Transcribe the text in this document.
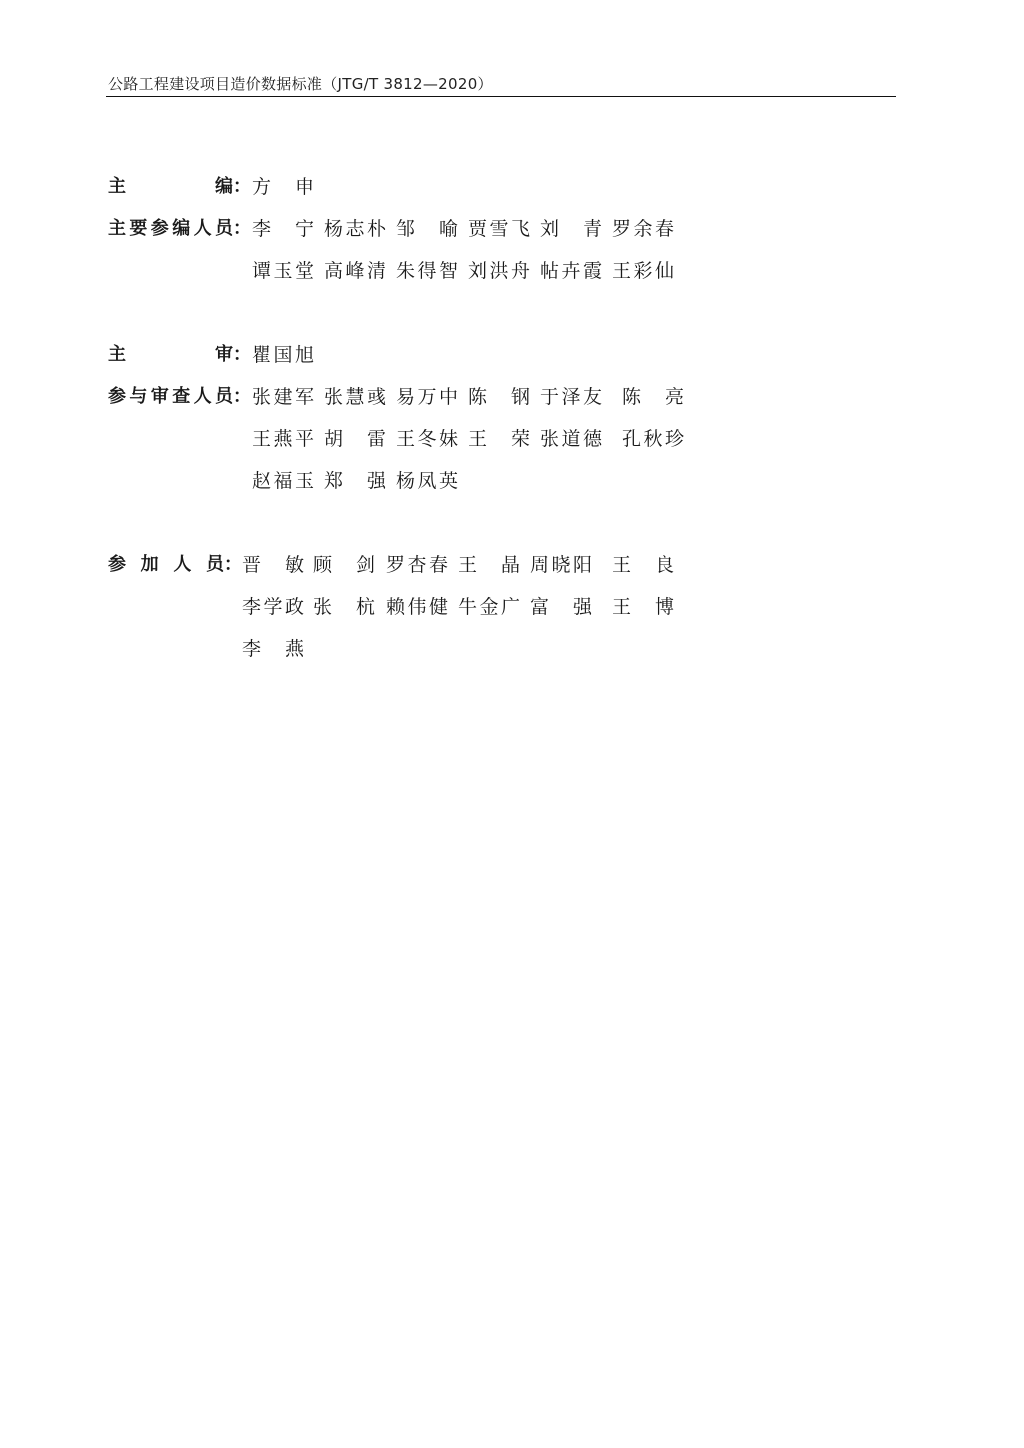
公路工程建设项目造价数据标准（JTG/T 3812—2020）
主　　　　编： 方　申
主要参编人员： 李　宁 杨志朴 邹　喻 贾雪飞 刘　青 罗余春
谭玉堂 高峰清 朱得智 刘洪舟 帖卉霞 王彩仙
主　　　　审： 瞿国旭
参与审查人员： 张建军 张慧彧 易万中 陈　钢 于泽友 陈　亮
王燕平 胡　雷 王冬妹 王　荣 张道德 孔秋珍
赵福玉 郑　强 杨凤英
参 加 人 员： 晋　敏 顾　剑 罗杏春 王　晶 周晓阳 王　良
李学政 张　杭 赖伟健 牛金广 富　强 王　博
李　燕
